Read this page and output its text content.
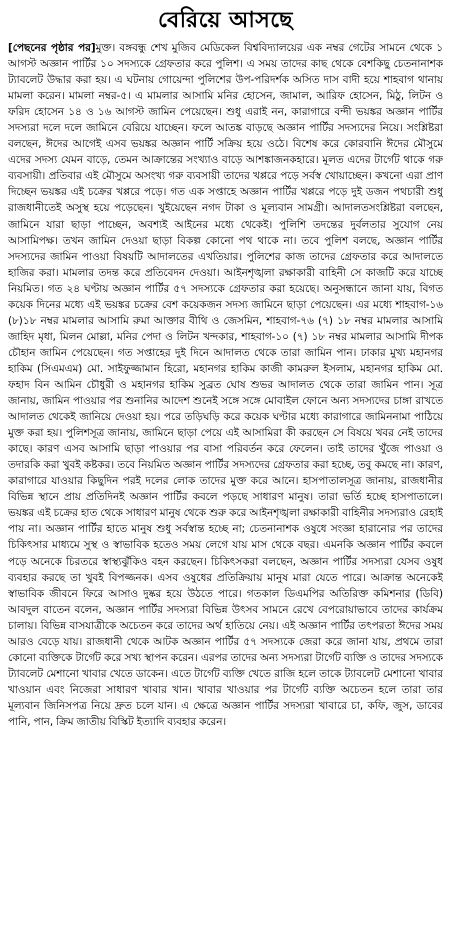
বেরিয়ে আসছে

[পেছনের পৃষ্ঠার পর]মুক্ত। বঙ্গবন্ধু শেখ মুজিব মেডিকেল বিশ্ববিদ্যালয়ের এক নম্বর গেটের সামনে থেকে ১ আগস্ট অজ্ঞান পার্টির ১০ সদস্যকে গ্রেফতার করে পুলিশ। এ সময় তাদের কাছ থেকে বেশকিছু চেতনানাশক ট্যাবলেট উদ্ধার করা হয়। এ ঘটনায় গোয়েন্দা পুলিশের উপ-পরিদর্শক অসিত দাস বাদী হয়ে শাহবাগ থানায় মামলা করেন। মামলা নম্বর-৫। এ মামলার আসামি মনির হোসেন, জামাল, আরিফ হোসেন, মিঠু, লিটন ও ফরিদ হোসেন ১৪ ও ১৬ আগস্ট জামিন পেয়েছেন। শুধু এরাই নন, কারাগারে বন্দী ভয়ঙ্কর অজ্ঞান পার্টির সদস্যরা দলে দলে জামিনে বেরিয়ে যাচ্ছেন। ফলে আতঙ্ক বাড়ছে অজ্ঞান পার্টির সদস্যদের নিয়ে। সংশ্লিষ্টরা বলছেন, ঈদের আগেই এসব ভয়ঙ্কর অজ্ঞান পার্টি সক্রিয় হয়ে ওঠে। বিশেষ করে কোরবানি ঈদের মৌসুমে এদের সদস্য যেমন বাড়ে, তেমন আক্রান্তের সংখ্যাও বাড়ে আশঙ্কাজনকহারে। মূলত এদের টার্গেট থাকে গরু ব্যবসায়ী। প্রতিবার এই মৌসুমে অসংখ্য গরু ব্যবসায়ী তাদের খপ্পরে পড়ে সর্বস্ব খোয়াচ্ছেন। কখনো এরা প্রাণ দিচ্ছেন ভয়ঙ্কর এই চক্রের খপ্পরে পড়ে। গত এক সপ্তাহে অজ্ঞান পার্টির খপ্পরে পড়ে দুই ডজন পথচারী শুধু রাজধানীতেই অসুস্থ হয়ে পড়েছেন। খুইয়েছেন নগদ টাকা ও মূল্যবান সামগ্রী। আদালতসংশ্লিষ্টরা বলছেন, জামিনে যারা ছাড়া পাচ্ছেন, অবশ্যই আইনের মধ্যে থেকেই। পুলিশি তদন্তের দুর্বলতার সুযোগ নেয় আসামিপক্ষ। তখন জামিন দেওয়া ছাড়া বিকল্প কোনো পথ থাকে না। তবে পুলিশ বলছে, অজ্ঞান পার্টির সদস্যদের জামিন পাওয়া বিষয়টি আদালতের এখতিয়ার। পুলিশের কাজ তাদের গ্রেফতার করে আদালতে হাজির করা। মামলার তদন্ত করে প্রতিবেদন দেওয়া। আইনশৃঙ্খলা রক্ষাকারী বাহিনী সে কাজটি করে যাচ্ছে নিয়মিত। গত ২৪ ঘণ্টায় অজ্ঞান পার্টির ৫৭ সদস্যকে গ্রেফতার করা হয়েছে। অনুসন্ধানে জানা যায়, বিগত কয়েক দিনের মধ্যে এই ভয়ঙ্কর চক্রের বেশ কয়েকজন সদস্য জামিনে ছাড়া পেয়েছেন। এর মধ্যে শাহবাগ-১৬ (৮)১৮ নম্বর মামলার আসামি রুমা আক্তার বীথি ও জেসমিন, শাহবাগ-৭৬ (৭) ১৮ নম্বর মামলার আসামি জাহিদ মৃধা, মিলন মোল্লা, মনির পেদা ও লিটন খন্দকার, শাহবাগ-১০ (৭) ১৮ নম্বর মামলার আসামি দীপক চৌহান জামিন পেয়েছেন। গত সপ্তাহের দুই দিনে আদালত থেকে তারা জামিন পান। ঢাকার মুখ্য মহানগর হাকিম (সিএমএম) মো. সাইফুজ্জামান হিরো, মহানগর হাকিম কাজী কামরুল ইসলাম, মহানগর হাকিম মো. ফহাদ বিন আমিন চৌধুরী ও মহানগর হাকিম সুব্রত ঘোষ শুভর আদালত থেকে তারা জামিন পান। সূত্র জানায়, জামিন পাওয়ার পর শুনানির আদেশ শুনেই সঙ্গে সঙ্গে মোবাইল ফোনে অন্য সদস্যদের চাঙ্গা রাখতে আদালত থেকেই জানিয়ে দেওয়া হয়। পরে তড়িঘড়ি করে কয়েক ঘণ্টার মধ্যে কারাগারে জামিননামা পাঠিয়ে মুক্ত করা হয়। পুলিশসূত্র জানায়, জামিনে ছাড়া পেয়ে এই আসামিরা কী করছেন সে বিষয়ে খবর নেই তাদের কাছে। কারণ এসব আসামি ছাড়া পাওয়ার পর বাসা পরিবর্তন করে ফেলেন। তাই তাদের খুঁজে পাওয়া ও তদারকি করা খুবই কষ্টকর। তবে নিয়মিত অজ্ঞান পার্টির সদস্যদের গ্রেফতার করা হচ্ছে, তবু কমছে না। কারণ, কারাগারে যাওয়ার কিছুদিন পরই দলের লোক তাদের মুক্ত করে আনে। হাসপাতালসূত্র জানায়, রাজধানীর বিভিন্ন স্থানে প্রায় প্রতিদিনই অজ্ঞান পার্টির কবলে পড়ছে সাধারণ মানুষ। তারা ভর্তি হচ্ছে হাসপাতালে। ভয়ঙ্কর এই চক্রের হাত থেকে সাধারণ মানুষ থেকে শুরু করে আইনশৃঙ্খলা রক্ষাকারী বাহিনীর সদস্যরাও রেহাই পায় না। অজ্ঞান পার্টির হাতে মানুষ শুধু সর্বস্বান্ত হচ্ছে না; চেতনানাশক ওষুধে সংজ্ঞা হারানোর পর তাদের চিকিৎসার মাধ্যমে সুস্থ ও স্বাভাবিক হতেও সময় লেগে যায় মাস থেকে বছর। এমনকি অজ্ঞান পার্টির কবলে পড়ে অনেকে চিরতরে স্বাস্থ্যঝুঁকিও বহন করছেন। চিকিৎসকরা বলছেন, অজ্ঞান পার্টির সদস্যরা যেসব ওষুধ ব্যবহার করছে তা খুবই বিপজ্জনক। এসব ওষুধের প্রতিক্রিয়ায় মানুষ মারা যেতে পারে। আক্রান্ত অনেকেই স্বাভাবিক জীবনে ফিরে আসাও দুষ্কর হয়ে উঠতে পারে। গতকাল ডিএমপির অতিরিক্ত কমিশনার (ডিবি) আবদুল বাতেন বলেন, অজ্ঞান পার্টির সদস্যরা বিভিন্ন উৎসব সামনে রেখে বেপরোয়াভাবে তাদের কার্যক্রম চালায়। বিভিন্ন বাসযাত্রীকে অচেতন করে তাদের অর্থ হাতিয়ে নেয়। এই অজ্ঞান পার্টির তৎপরতা ঈদের সময় আরও বেড়ে যায়। রাজধানী থেকে আটক অজ্ঞান পার্টির ৫৭ সদস্যকে জেরা করে জানা যায়, প্রথমে তারা কোনো ব্যক্তিকে টার্গেট করে সখ্য স্থাপন করেন। এরপর তাদের অন্য সদস্যরা টার্গেট ব্যক্তি ও তাদের সদস্যকে ট্যাবলেট মেশানো খাবার খেতে ডাকেন। এতে টার্গেট ব্যক্তি খেতে রাজি হলে তাকে ট্যাবলেট মেশানো খাবার খাওয়ান এবং নিজেরা সাধারণ খাবার খান। খাবার খাওয়ার পর টার্গেট ব্যক্তি অচেতন হলে তারা তার মূল্যবান জিনিসপত্র নিয়ে দ্রুত চলে যান। এ ক্ষেত্রে অজ্ঞান পার্টির সদস্যরা খাবারে চা, কফি, জুস, ডাবের পানি, পান, ক্রিম জাতীয় বিস্কিট ইত্যাদি ব্যবহার করেন।
